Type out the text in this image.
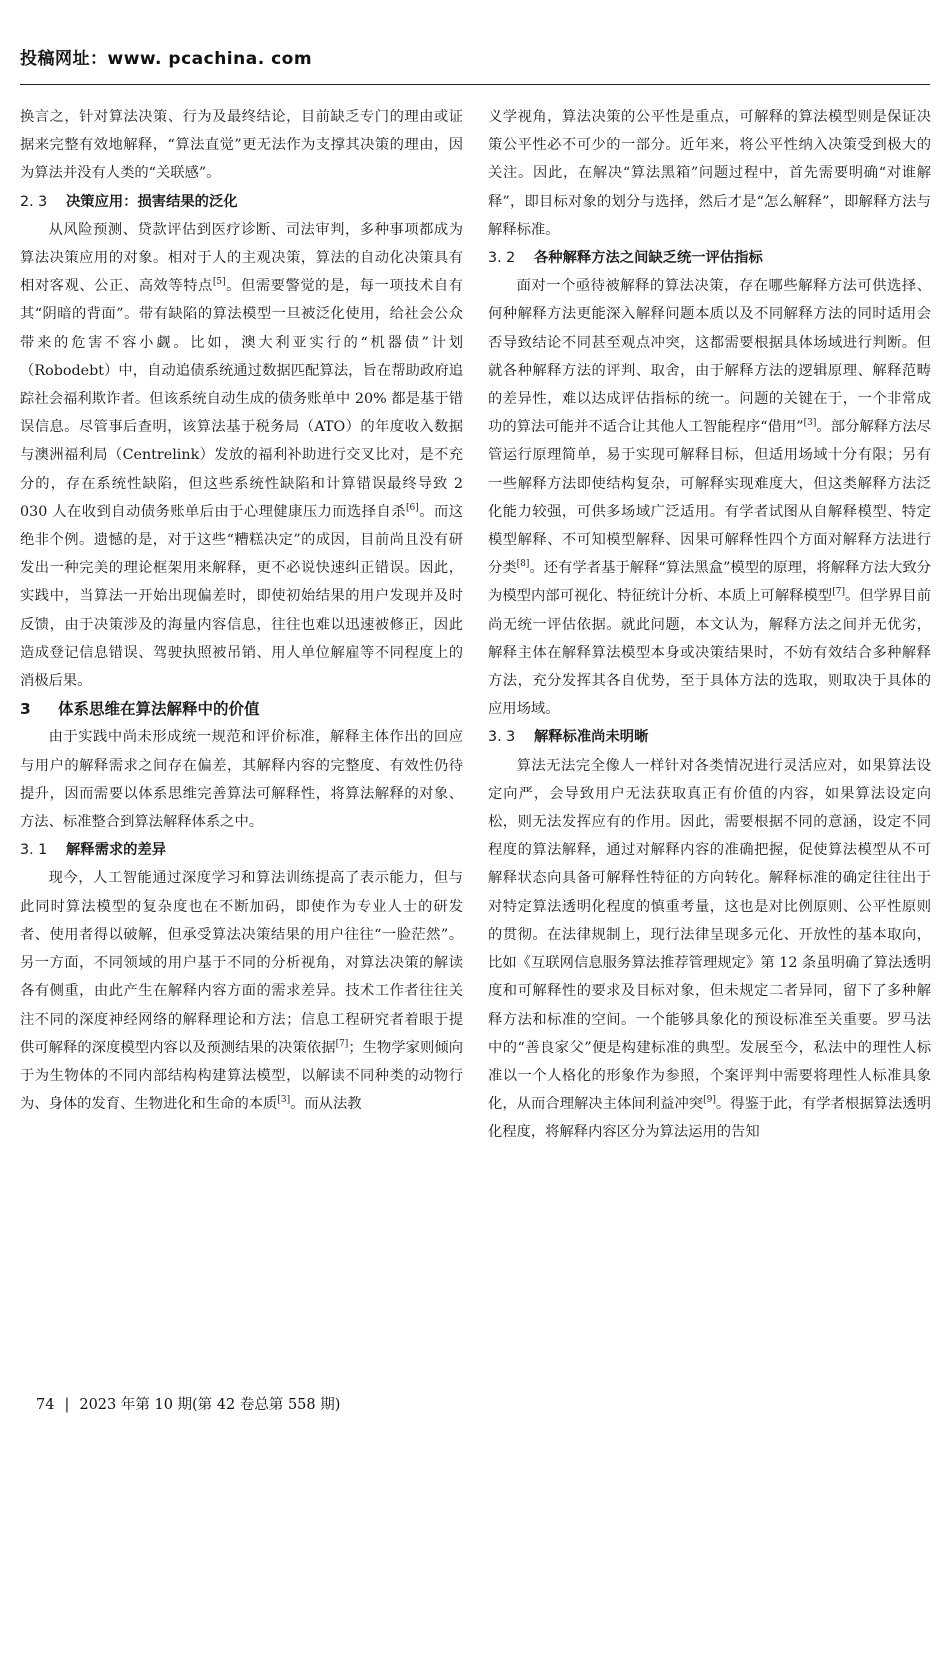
投稿网址：www. pcachina. com

换言之，针对算法决策、行为及最终结论，目前缺乏专门的理由或证据来完整有效地解释，“算法直觉”更无法作为支撑其决策的理由，因为算法并没有人类的“关联感”。

2. 3 决策应用：损害结果的泛化

从风险预测、贷款评估到医疗诊断、司法审判，多种事项都成为算法决策应用的对象。相对于人的主观决策，算法的自动化决策具有相对客观、公正、高效等特点[5]。但需要警觉的是，每一项技术自有其“阴暗的背面”。带有缺陷的算法模型一旦被泛化使用，给社会公众带来的危害不容小觑。比如，澳大利亚实行的“机器债”计划（Robodebt）中，自动追债系统通过数据匹配算法，旨在帮助政府追踪社会福利欺诈者。但该系统自动生成的债务账单中 20% 都是基于错误信息。尽管事后查明，该算法基于税务局（ATO）的年度收入数据与澳洲福利局（Centrelink）发放的福利补助进行交叉比对，是不充分的，存在系统性缺陷，但这些系统性缺陷和计算错误最终导致 2 030 人在收到自动债务账单后由于心理健康压力而选择自杀[6]。而这绝非个例。遗憾的是，对于这些“糟糕决定”的成因，目前尚且没有研发出一种完美的理论框架用来解释，更不必说快速纠正错误。因此，实践中，当算法一开始出现偏差时，即使初始结果的用户发现并及时反馈，由于决策涉及的海量内容信息，往往也难以迅速被修正，因此造成登记信息错误、驾驶执照被吊销、用人单位解雇等不同程度上的消极后果。

3 体系思维在算法解释中的价值

由于实践中尚未形成统一规范和评价标准，解释主体作出的回应与用户的解释需求之间存在偏差，其解释内容的完整度、有效性仍待提升，因而需要以体系思维完善算法可解释性，将算法解释的对象、方法、标准整合到算法解释体系之中。

3. 1 解释需求的差异

现今，人工智能通过深度学习和算法训练提高了表示能力，但与此同时算法模型的复杂度也在不断加码，即使作为专业人士的研发者、使用者得以破解，但承受算法决策结果的用户往往“一脸茫然”。另一方面，不同领域的用户基于不同的分析视角，对算法决策的解读各有侧重，由此产生在解释内容方面的需求差异。技术工作者往往关注不同的深度神经网络的解释理论和方法；信息工程研究者着眼于提供可解释的深度模型内容以及预测结果的决策依据[7]；生物学家则倾向于为生物体的不同内部结构构建算法模型，以解读不同种类的动物行为、身体的发育、生物进化和生命的本质[3]。而从法教

义学视角，算法决策的公平性是重点，可解释的算法模型则是保证决策公平性必不可少的一部分。近年来，将公平性纳入决策受到极大的关注。因此，在解决“算法黑箱”问题过程中，首先需要明确“对谁解释”，即目标对象的划分与选择，然后才是“怎么解释”，即解释方法与解释标准。

3. 2 各种解释方法之间缺乏统一评估指标

面对一个亟待被解释的算法决策，存在哪些解释方法可供选择、何种解释方法更能深入解释问题本质以及不同解释方法的同时适用会否导致结论不同甚至观点冲突，这都需要根据具体场域进行判断。但就各种解释方法的评判、取舍，由于解释方法的逻辑原理、解释范畴的差异性，难以达成评估指标的统一。问题的关键在于，一个非常成功的算法可能并不适合让其他人工智能程序“借用”[3]。部分解释方法尽管运行原理简单，易于实现可解释目标，但适用场域十分有限；另有一些解释方法即使结构复杂，可解释实现难度大，但这类解释方法泛化能力较强，可供多场域广泛适用。有学者试图从自解释模型、特定模型解释、不可知模型解释、因果可解释性四个方面对解释方法进行分类[8]。还有学者基于解释“算法黑盒”模型的原理，将解释方法大致分为模型内部可视化、特征统计分析、本质上可解释模型[7]。但学界目前尚无统一评估依据。就此问题，本文认为，解释方法之间并无优劣，解释主体在解释算法模型本身或决策结果时，不妨有效结合多种解释方法，充分发挥其各自优势，至于具体方法的选取，则取决于具体的应用场域。

3. 3 解释标准尚未明晰

算法无法完全像人一样针对各类情况进行灵活应对，如果算法设定向严，会导致用户无法获取真正有价值的内容，如果算法设定向松，则无法发挥应有的作用。因此，需要根据不同的意涵，设定不同程度的算法解释，通过对解释内容的准确把握，促使算法模型从不可解释状态向具备可解释性特征的方向转化。解释标准的确定往往出于对特定算法透明化程度的慎重考量，这也是对比例原则、公平性原则的贯彻。在法律规制上，现行法律呈现多元化、开放性的基本取向，比如《互联网信息服务算法推荐管理规定》第 12 条虽明确了算法透明度和可解释性的要求及目标对象，但未规定二者异同，留下了多种解释方法和标准的空间。一个能够具象化的预设标准至关重要。罗马法中的“善良家父”便是构建标准的典型。发展至今，私法中的理性人标准以一个人格化的形象作为参照，个案评判中需要将理性人标准具象化，从而合理解决主体间利益冲突[9]。得鉴于此，有学者根据算法透明化程度，将解释内容区分为算法运用的告知

74 | 2023 年第 10 期(第 42 卷总第 558 期)
